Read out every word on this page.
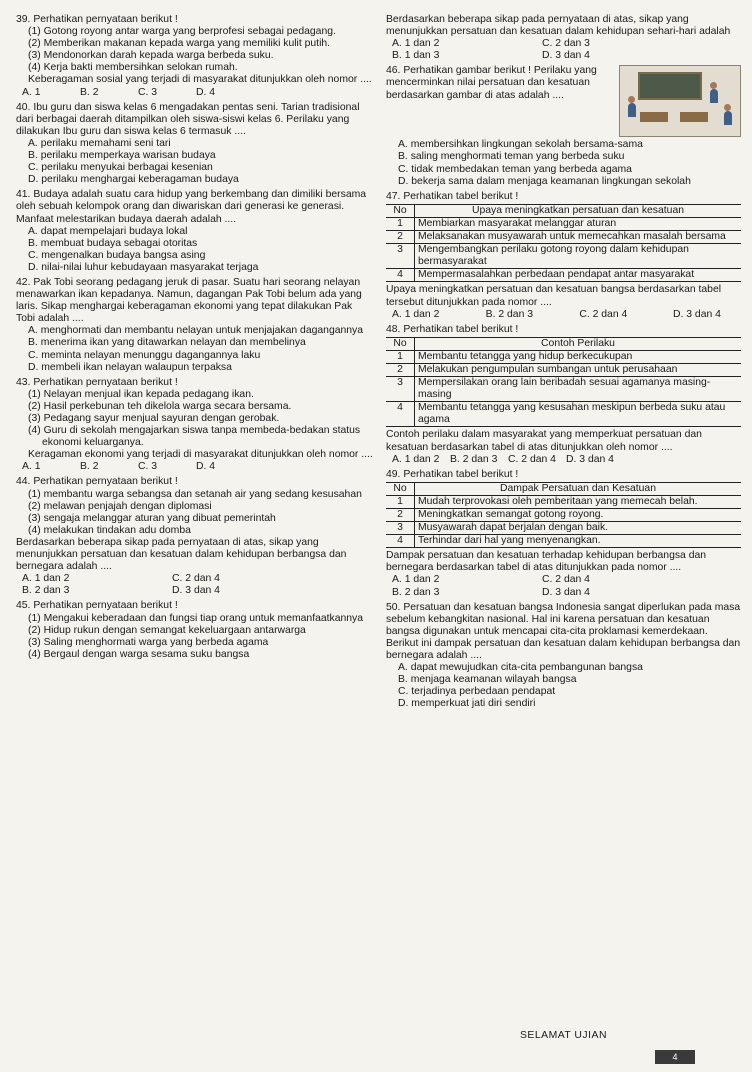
39. Perhatikan pernyataan berikut !
(1) Gotong royong antar warga yang berprofesi sebagai pedagang.
(2) Memberikan makanan kepada warga yang memiliki kulit putih.
(3) Mendonorkan darah kepada warga berbeda suku.
(4) Kerja bakti membersihkan selokan rumah.
Keberagaman sosial yang terjadi di masyarakat ditunjukkan oleh nomor ....
A. 1	B. 2	C. 3	D. 4
40. Ibu guru dan siswa kelas 6 mengadakan pentas seni. Tarian tradisional dari berbagai daerah ditampilkan oleh siswa-siswi kelas 6. Perilaku yang dilakukan Ibu guru dan siswa kelas 6 termasuk ....
A. perilaku memahami seni tari
B. perilaku memperkaya warisan budaya
C. perilaku menyukai berbagai kesenian
D. perilaku menghargai keberagaman budaya
41. Budaya adalah suatu cara hidup yang berkembang dan dimiliki bersama oleh sebuah kelompok orang dan diwariskan dari generasi ke generasi. Manfaat melestarikan budaya daerah adalah ....
A. dapat mempelajari budaya lokal
B. membuat budaya sebagai otoritas
C. mengenalkan budaya bangsa asing
D. nilai-nilai luhur kebudayaan masyarakat terjaga
42. Pak Tobi seorang pedagang jeruk di pasar. Suatu hari seorang nelayan menawarkan ikan kepadanya. Namun, dagangan Pak Tobi belum ada yang laris. Sikap menghargai keberagaman ekonomi yang tepat dilakukan Pak Tobi adalah ....
A. menghormati dan membantu nelayan untuk menjajakan dagangannya
B. menerima ikan yang ditawarkan nelayan dan membelinya
C. meminta nelayan menunggu dagangannya laku
D. membeli ikan nelayan walaupun terpaksa
43. Perhatikan pernyataan berikut !
(1) Nelayan menjual ikan kepada pedagang ikan.
(2) Hasil perkebunan teh dikelola warga secara bersama.
(3) Pedagang sayur menjual sayuran dengan gerobak.
(4) Guru di sekolah mengajarkan siswa tanpa membeda-bedakan status ekonomi keluarganya.
Keragaman ekonomi yang terjadi di masyarakat ditunjukkan oleh nomor ....
A. 1	B. 2	C. 3	D. 4
44. Perhatikan pernyataan berikut !
(1) membantu warga sebangsa dan setanah air yang sedang kesusahan
(2) melawan penjajah dengan diplomasi
(3) sengaja melanggar aturan yang dibuat pemerintah
(4) melakukan tindakan adu domba
Berdasarkan beberapa sikap pada pernyataan di atas, sikap yang menunjukkan persatuan dan kesatuan dalam kehidupan berbangsa dan bernegara adalah ....
A. 1 dan 2	C. 2 dan 4
B. 2 dan 3	D. 3 dan 4
45. Perhatikan pernyataan berikut !
(1) Mengakui keberadaan dan fungsi tiap orang untuk memanfaatkannya
(2) Hidup rukun dengan semangat kekeluargaan antarwarga
(3) Saling menghormati warga yang berbeda agama
(4) Bergaul dengan warga sesama suku bangsa
Berdasarkan beberapa sikap pada pernyataan di atas, sikap yang menunjukkan persatuan dan kesatuan dalam kehidupan sehari-hari adalah
A. 1 dan 2	C. 2 dan 3
B. 1 dan 3	D. 3 dan 4
46. Perhatikan gambar berikut ! Perilaku yang mencerminkan nilai persatuan dan kesatuan berdasarkan gambar di atas adalah ....
A. membersihkan lingkungan sekolah bersama-sama
B. saling menghormati teman yang berbeda suku
C. tidak membedakan teman yang berbeda agama
D. bekerja sama dalam menjaga keamanan lingkungan sekolah
47. Perhatikan tabel berikut !
No	Upaya meningkatkan persatuan dan kesatuan
1	Membiarkan masyarakat melanggar aturan
2	Melaksanakan musyawarah untuk memecahkan masalah bersama
3	Mengembangkan perilaku gotong royong dalam kehidupan bermasyarakat
4	Mempermasalahkan perbedaan pendapat antar masyarakat
Upaya meningkatkan persatuan dan kesatuan bangsa berdasarkan tabel tersebut ditunjukkan pada nomor ....
A. 1 dan 2	B. 2 dan 3	C. 2 dan 4	D. 3 dan 4
48. Perhatikan tabel berikut !
No	Contoh Perilaku
1	Membantu tetangga yang hidup berkecukupan
2	Melakukan pengumpulan sumbangan untuk perusahaan
3	Mempersilakan orang lain beribadah sesuai agamanya masing-masing
4	Membantu tetangga yang kesusahan meskipun berbeda suku atau agama
Contoh perilaku dalam masyarakat yang memperkuat persatuan dan kesatuan berdasarkan tabel di atas ditunjukkan oleh nomor ....
A. 1 dan 2	B. 2 dan 3	C. 2 dan 4 D. 3 dan 4
49. Perhatikan tabel berikut !
No	Dampak Persatuan dan Kesatuan
1	Mudah terprovokasi oleh pemberitaan yang memecah belah.
2	Meningkatkan semangat gotong royong.
3	Musyawarah dapat berjalan dengan baik.
4	Terhindar dari hal yang menyenangkan.
Dampak persatuan dan kesatuan terhadap kehidupan berbangsa dan bernegara berdasarkan tabel di atas ditunjukkan pada nomor ....
A. 1 dan 2	C. 2 dan 4
B. 2 dan 3	D. 3 dan 4
50. Persatuan dan kesatuan bangsa Indonesia sangat diperlukan pada masa sebelum kebangkitan nasional. Hal ini karena persatuan dan kesatuan bangsa digunakan untuk mencapai cita-cita proklamasi kemerdekaan. Berikut ini dampak persatuan dan kesatuan dalam kehidupan berbangsa dan bernegara adalah ....
A. dapat mewujudkan cita-cita pembangunan bangsa
B. menjaga keamanan wilayah bangsa
C. terjadinya perbedaan pendapat
D. memperkuat jati diri sendiri
SELAMAT UJIAN
4
